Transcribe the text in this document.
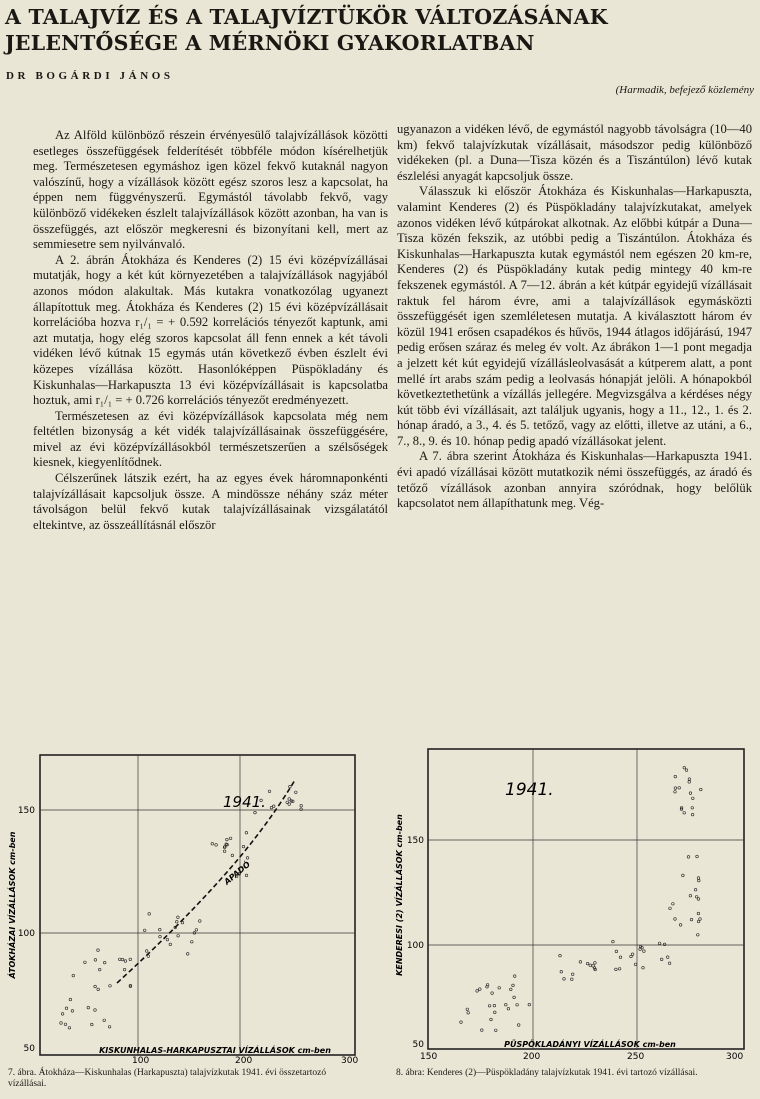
A TALAJVÍZ ÉS A TALAJVÍZTÜKÖR VÁLTOZÁSÁNAK
JELENTŐSÉGE A MÉRNÖKI GYAKORLATBAN
DR BOGÁRDI JÁNOS
(Harmadik, befejező közlemény

Az Alföld különböző részein érvényesülő talajvízállások közötti esetleges összefüggések felderítését többféle módon kísérelhetjük meg. Természetesen egymáshoz igen közel fekvő kutaknál nagyon valószínű, hogy a vízállások között egész szoros lesz a kapcsolat, ha éppen nem függvényszerű. Egymástól távolabb fekvő, vagy különböző vidékeken észlelt talajvízállások között azonban, ha van is összefüggés, azt először megkeresni és bizonyítani kell, mert az semmiesetre sem nyilvánvaló.

A 2. ábrán Átokháza és Kenderes (2) 15 évi középvízállásai mutatják, hogy a két kút környezetében a talajvízállások nagyjából azonos módon alakultak. Más kutakra vonatkozólag ugyanezt állapítottuk meg. Átokháza és Kenderes (2) 15 évi középvízállásait korrelációba hozva r₁/₁ = + 0.592 korrelációs tényezőt kaptunk, ami azt mutatja, hogy elég szoros kapcsolat áll fenn ennek a két távoli vidéken lévő kútnak 15 egymás után következő évben észlelt évi közepes vízállása között. Hasonlóképpen Püspökladány és Kiskunhalas—Harkapuszta 13 évi középvízállásait is kapcsolatba hoztuk, ami r₁/₁ = + 0.726 korrelációs tényezőt eredményezett.

Természetesen az évi középvízállások kapcsolata még nem feltétlen bizonyság a két vidék talajvízállásainak összefüggésére, mivel az évi középvízállásokból természetszerűen a szélsőségek kiesnek, kiegyenlítődnek.

Célszerűnek látszik ezért, ha az egyes évek háromnaponkénti talajvízállásait kapcsoljuk össze. A mindössze néhány száz méter távolságon belül fekvő kutak talajvízállásainak vizsgálatától eltekintve, az összeállításnál először

ugyanazon a vidéken lévő, de egymástól nagyobb távolságra (10—40 km) fekvő talajvízkutak vízállásait, másodszor pedig különböző vidékeken (pl. a Duna—Tisza közén és a Tiszántúlon) lévő kutak észlelési anyagát kapcsoljuk össze.

Válasszuk ki először Átokháza és Kiskunhalas—Harkapuszta, valamint Kenderes (2) és Püspökladány talajvízkutakat, amelyek azonos vidéken lévő kútpárokat alkotnak. Az előbbi kútpár a Duna—Tisza közén fekszik, az utóbbi pedig a Tiszántúlon. Átokháza és Kiskunhalas—Harkapuszta kutak egymástól nem egészen 20 km-re, Kenderes (2) és Püspökladány kutak pedig mintegy 40 km-re fekszenek egymástól. A 7—12. ábrán a két kútpár egyidejű vízállásait raktuk fel három évre, ami a talajvízállások egymásközti összefüggését igen szemléletesen mutatja. A kiválasztott három év közül 1941 erősen csapadékos és hűvös, 1944 átlagos időjárású, 1947 pedig erősen száraz és meleg év volt. Az ábrákon 1—1 pont megadja a jelzett két kút egyidejű vízállásleolvasását a kútperem alatt, a pont mellé írt arabs szám pedig a leolvasás hónapját jelöli. A hónapokból következtethetünk a vízállás jellegére. Megvizsgálva a kérdéses négy kút több évi vízállásait, azt találjuk ugyanis, hogy a 11., 12., 1. és 2. hónap áradó, a 3., 4. és 5. tetőző, vagy az előtti, illetve az utáni, a 6., 7., 8., 9. és 10. hónap pedig apadó vízállásokat jelent.

A 7. ábra szerint Átokháza és Kiskunhalas—Harkapuszta 1941. évi apadó vízállásai között mutatkozik némi összefüggés, az áradó és tetőző vízállások azonban annyira szóródnak, hogy belőlük kapcsolatot nem állapíthatunk meg. Vég-

150
100
50
100	200	300
1941.
ÁTOKHÁZAI VÍZÁLLÁSOK cm-ben
KISKUNHALAS-HARKAPUSZTAI VÍZÁLLÁSOK cm-ben
APADÓ
7. ábra. Átokháza—Kiskunhalas (Harkapuszta) talajvízkutak 1941. évi összetartozó vízállásai.
150
100
50
150	200	250	300
1941.
KENDERESI (2) VÍZÁLLÁSOK cm-ben
PÜSPÖKLADÁNYI VÍZÁLLÁSOK cm-ben
8. ábra: Kenderes (2)—Püspökladány talajvízkutak 1941. évi tartozó vízállásai.
